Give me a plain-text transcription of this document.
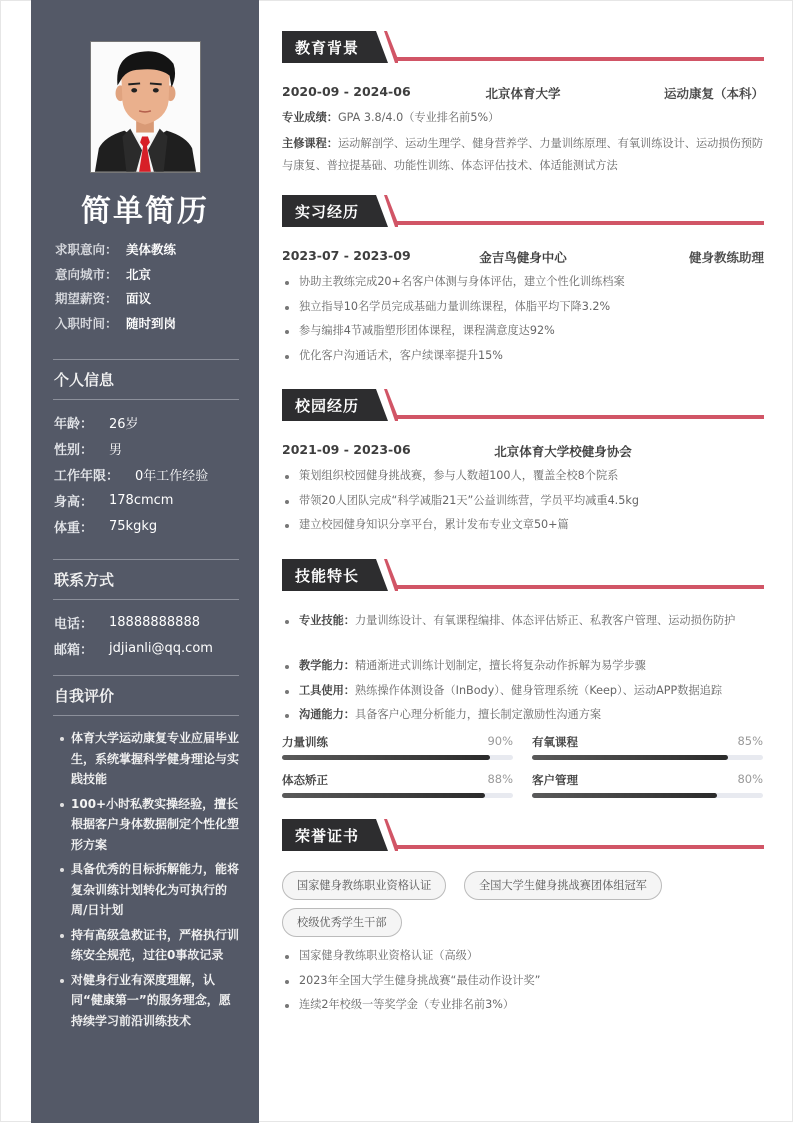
简单简历
求职意向： 美体教练
意向城市： 北京
期望薪资： 面议
入职时间： 随时到岗
个人信息
年龄： 26岁
性别： 男
工作年限： 0年工作经验
身高： 178cmcm
体重： 75kgkg
联系方式
电话： 18888888888
邮箱： jdjianli@qq.com
自我评价
体育大学运动康复专业应届毕业生，系统掌握科学健身理论与实践技能
100+小时私教实操经验，擅长根据客户身体数据制定个性化塑形方案
具备优秀的目标拆解能力，能将复杂训练计划转化为可执行的周/日计划
持有高级急救证书，严格执行训练安全规范，过往0事故记录
对健身行业有深度理解，认同“健康第一”的服务理念，愿持续学习前沿训练技术
教育背景
2020-09 - 2024-06	北京体育大学	运动康复（本科）
专业成绩：GPA 3.8/4.0（专业排名前5%）
主修课程：运动解剖学、运动生理学、健身营养学、力量训练原理、有氧训练设计、运动损伤预防与康复、普拉提基础、功能性训练、体态评估技术、体适能测试方法
实习经历
2023-07 - 2023-09	金吉鸟健身中心	健身教练助理
协助主教练完成20+名客户体测与身体评估，建立个性化训练档案
独立指导10名学员完成基础力量训练课程，体脂平均下降3.2%
参与编排4节减脂塑形团体课程，课程满意度达92%
优化客户沟通话术，客户续课率提升15%
校园经历
2021-09 - 2023-06	北京体育大学校健身协会
策划组织校园健身挑战赛，参与人数超100人，覆盖全校8个院系
带领20人团队完成“科学减脂21天”公益训练营，学员平均减重4.5kg
建立校园健身知识分享平台，累计发布专业文章50+篇
技能特长
专业技能：力量训练设计、有氧课程编排、体态评估矫正、私教客户管理、运动损伤防护
教学能力：精通渐进式训练计划制定，擅长将复杂动作拆解为易学步骤
工具使用：熟练操作体测设备（InBody）、健身管理系统（Keep）、运动APP数据追踪
沟通能力：具备客户心理分析能力，擅长制定激励性沟通方案
力量训练	90% 有氧课程	85%
体态矫正	88% 客户管理	80%
荣誉证书
国家健身教练职业资格认证	全国大学生健身挑战赛团体组冠军
校级优秀学生干部
国家健身教练职业资格认证（高级）
2023年全国大学生健身挑战赛“最佳动作设计奖”
连续2年校级一等奖学金（专业排名前3%）
